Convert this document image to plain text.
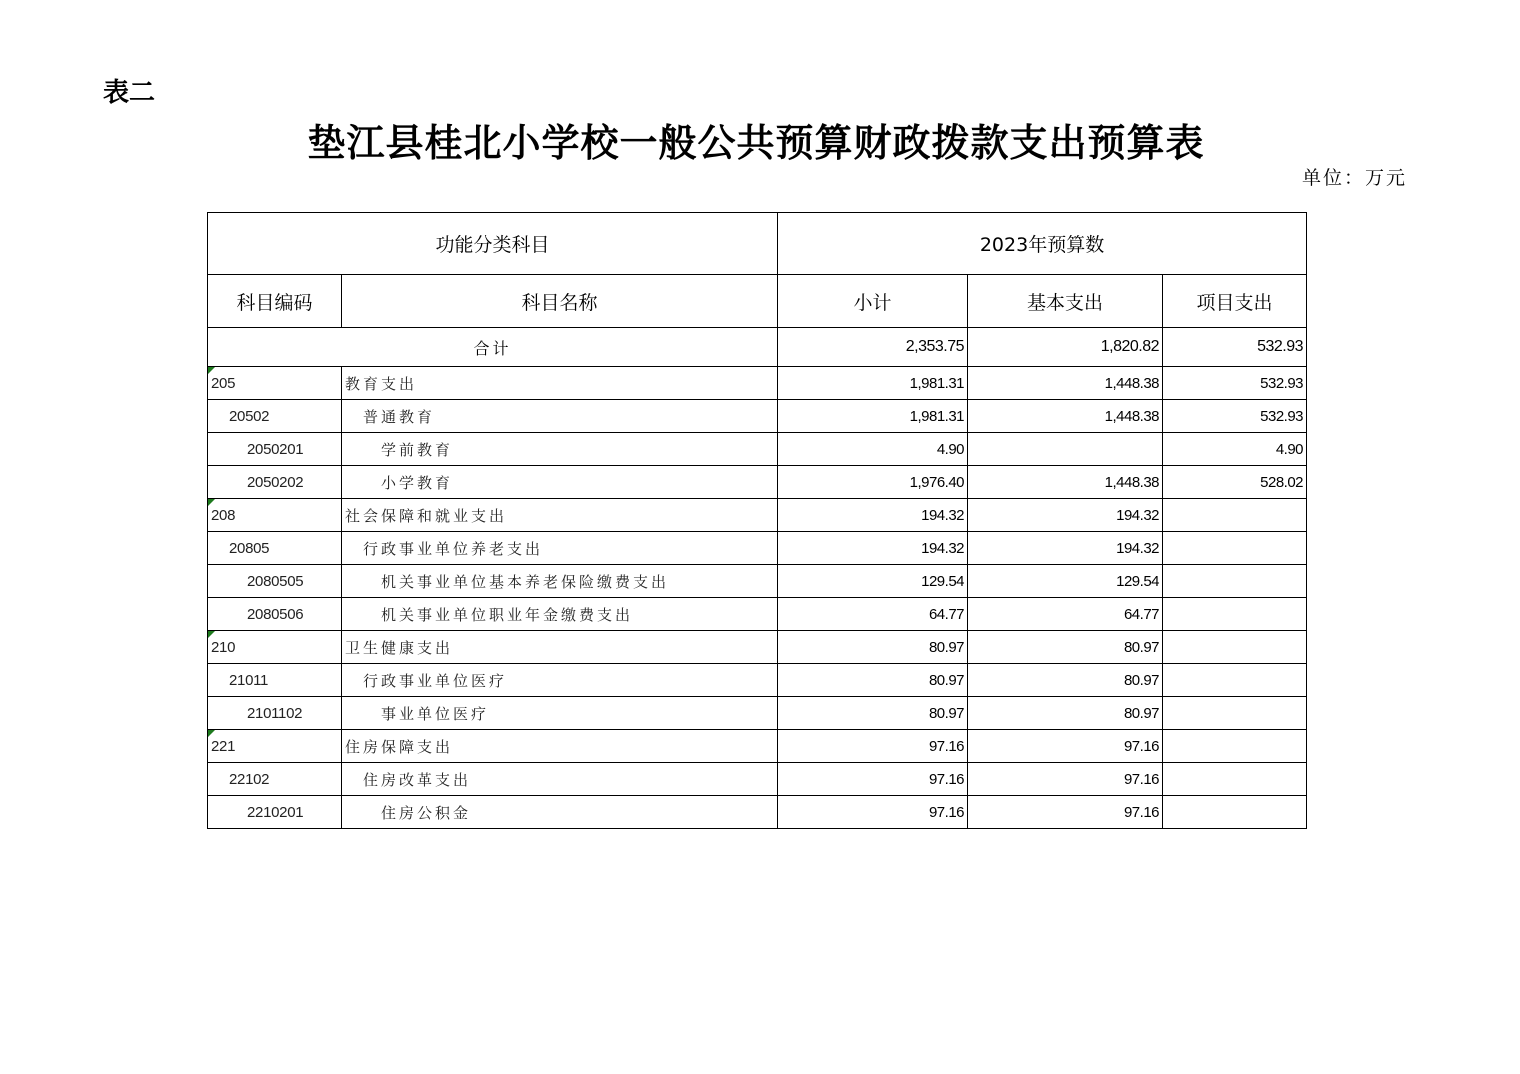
表二
垫江县桂北小学校一般公共预算财政拨款支出预算表
单位：万元
功能分类科目		2023年预算数		
科目编码	科目名称	小计	基本支出	项目支出
合计		2,353.75	1,820.82	532.93

205	教育支出	1,981.31	1,448.38	532.93
20502	普通教育	1,981.31	1,448.38	532.93
2050201	学前教育	4.90		4.90
2050202	小学教育	1,976.40	1,448.38	528.02

208	社会保障和就业支出	194.32	194.32	
20805	行政事业单位养老支出	194.32	194.32	
2080505	机关事业单位基本养老保险缴费支出	129.54	129.54	
2080506	机关事业单位职业年金缴费支出	64.77	64.77	

210	卫生健康支出	80.97	80.97	
21011	行政事业单位医疗	80.97	80.97	
2101102	事业单位医疗	80.97	80.97	

221	住房保障支出	97.16	97.16	
22102	住房改革支出	97.16	97.16	
2210201	住房公积金	97.16	97.16	
